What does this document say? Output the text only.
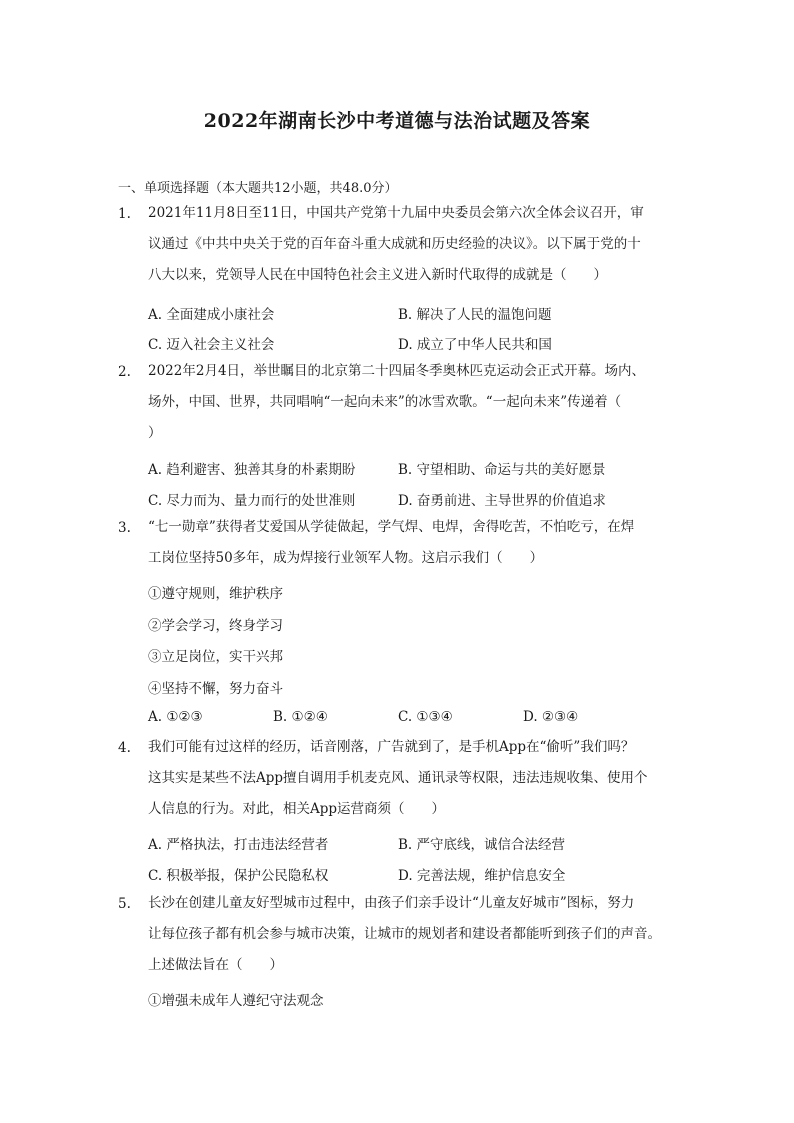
2022年湖南长沙中考道德与法治试题及答案
一、单项选择题（本大题共12小题，共48.0分）
1.	2021年11月8日至11日，中国共产党第十九届中央委员会第六次全体会议召开，审
议通过《中共中央关于党的百年奋斗重大成就和历史经验的决议》。以下属于党的十
八大以来，党领导人民在中国特色社会主义进入新时代取得的成就是（　　）
A. 全面建成小康社会	B. 解决了人民的温饱问题
C. 迈入社会主义社会	D. 成立了中华人民共和国
2.	2022年2月4日，举世瞩目的北京第二十四届冬季奥林匹克运动会正式开幕。场内、
场外，中国、世界，共同唱响“一起向未来”的冰雪欢歌。“一起向未来”传递着（
）
A. 趋利避害、独善其身的朴素期盼	B. 守望相助、命运与共的美好愿景
C. 尽力而为、量力而行的处世准则	D. 奋勇前进、主导世界的价值追求
3.	“七一勋章”获得者艾爱国从学徒做起，学气焊、电焊，舍得吃苦，不怕吃亏，在焊
工岗位坚持50多年，成为焊接行业领军人物。这启示我们（　　）
①遵守规则，维护秩序
②学会学习，终身学习
③立足岗位，实干兴邦
④坚持不懈，努力奋斗
A. ①②③	B. ①②④	C. ①③④	D. ②③④
4.	我们可能有过这样的经历，话音刚落，广告就到了，是手机App在“偷听”我们吗？
这其实是某些不法App擅自调用手机麦克风、通讯录等权限，违法违规收集、使用个
人信息的行为。对此，相关App运营商须（　　）
A. 严格执法，打击违法经营者	B. 严守底线，诚信合法经营
C. 积极举报，保护公民隐私权	D. 完善法规，维护信息安全
5.	长沙在创建儿童友好型城市过程中，由孩子们亲手设计“儿童友好城市”图标，努力
让每位孩子都有机会参与城市决策，让城市的规划者和建设者都能听到孩子们的声音。
上述做法旨在（　　）
①增强未成年人遵纪守法观念
